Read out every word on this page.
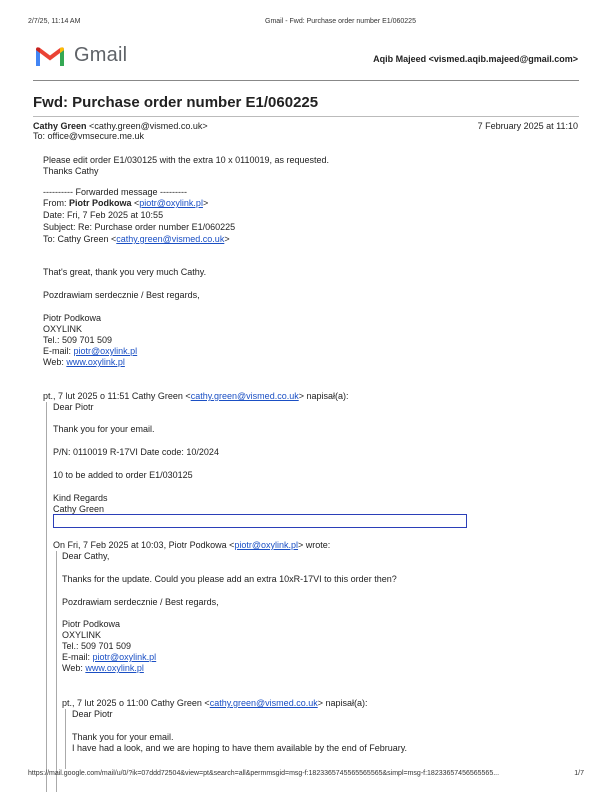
2/7/25, 11:14 AM	Gmail - Fwd: Purchase order number E1/060225
Gmail	Aqib Majeed <vismed.aqib.majeed@gmail.com>
Fwd: Purchase order number E1/060225
Cathy Green <cathy.green@vismed.co.uk>	7 February 2025 at 11:10
To: office@vmsecure.me.uk
Please edit order E1/030125 with the extra 10 x 0110019, as requested.
Thanks Cathy
---------- Forwarded message ---------
From: Piotr Podkowa <piotr@oxylink.pl>
Date: Fri, 7 Feb 2025 at 10:55
Subject: Re: Purchase order number E1/060225
To: Cathy Green <cathy.green@vismed.co.uk>
That's great, thank you very much Cathy.
Pozdrawiam serdecznie / Best regards,
Piotr Podkowa
OXYLINK
Tel.: 509 701 509
E-mail: piotr@oxylink.pl
Web: www.oxylink.pl
pt., 7 lut 2025 o 11:51 Cathy Green <cathy.green@vismed.co.uk> napisał(a):
Dear Piotr
Thank you for your email.
P/N: 0110019 R-17VI Date code: 10/2024
10 to be added to order E1/030125
Kind Regards
Cathy Green
On Fri, 7 Feb 2025 at 10:03, Piotr Podkowa <piotr@oxylink.pl> wrote:
Dear Cathy,
Thanks for the update. Could you please add an extra 10xR-17VI to this order then?
Pozdrawiam serdecznie / Best regards,
Piotr Podkowa
OXYLINK
Tel.: 509 701 509
E-mail: piotr@oxylink.pl
Web: www.oxylink.pl
pt., 7 lut 2025 o 11:00 Cathy Green <cathy.green@vismed.co.uk> napisał(a):
Dear Piotr
Thank you for your email.
I have had a look, and we are hoping to have them available by the end of February.
https://mail.google.com/mail/u/0/?ik=07ddd72504&view=pt&search=all&permmsgid=msg-f:1823365745565565565&simpl=msg-f:18233657456565565...	1/7
